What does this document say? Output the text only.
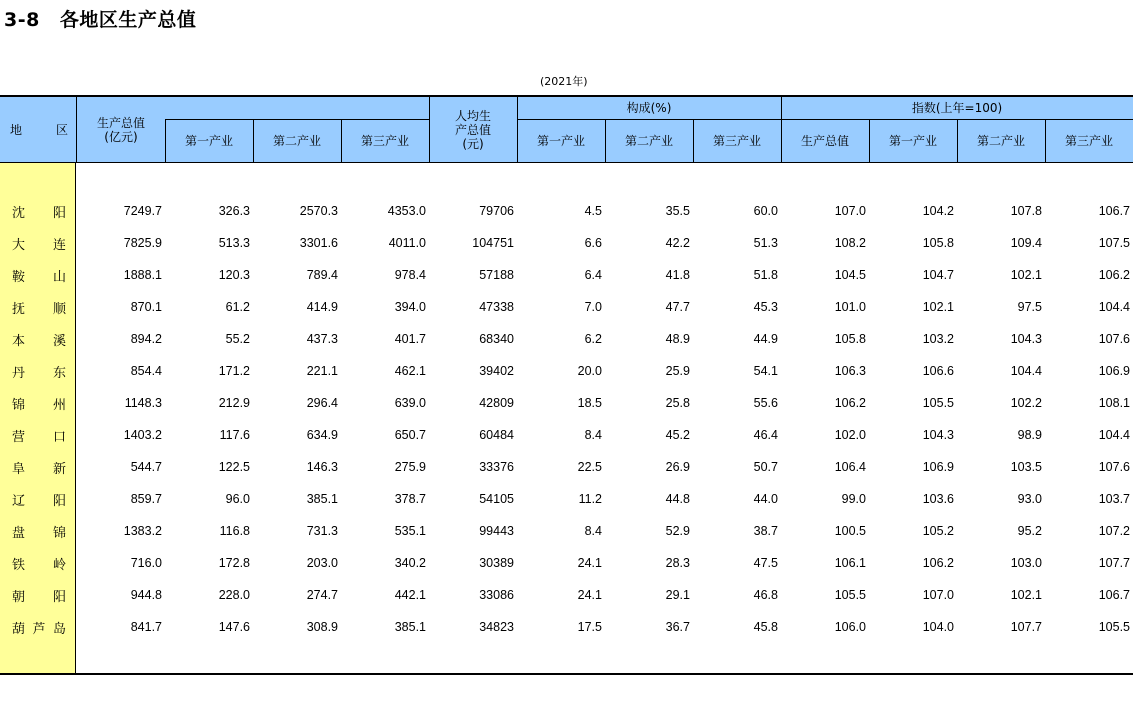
3-8 各地区生产总值
(2021年)
地	区	生产总值
(亿元)	第一产业	第二产业	第三产业
人均生产总值
(元)
构成(%)
第一产业	第二产业	第三产业
指数(上年=100)
生产总值	第一产业	第二产业	第三产业
沈 阳	7249.7	326.3	2570.3	4353.0	79706	4.5	35.5	60.0	107.0	104.2	107.8	106.7
大 连	7825.9	513.3	3301.6	4011.0	104751	6.6	42.2	51.3	108.2	105.8	109.4	107.5
鞍 山	1888.1	120.3	789.4	978.4	57188	6.4	41.8	51.8	104.5	104.7	102.1	106.2
抚 顺	870.1	61.2	414.9	394.0	47338	7.0	47.7	45.3	101.0	102.1	97.5	104.4
本 溪	894.2	55.2	437.3	401.7	68340	6.2	48.9	44.9	105.8	103.2	104.3	107.6
丹 东	854.4	171.2	221.1	462.1	39402	20.0	25.9	54.1	106.3	106.6	104.4	106.9
锦 州	1148.3	212.9	296.4	639.0	42809	18.5	25.8	55.6	106.2	105.5	102.2	108.1
营 口	1403.2	117.6	634.9	650.7	60484	8.4	45.2	46.4	102.0	104.3	98.9	104.4
阜 新	544.7	122.5	146.3	275.9	33376	22.5	26.9	50.7	106.4	106.9	103.5	107.6
辽 阳	859.7	96.0	385.1	378.7	54105	11.2	44.8	44.0	99.0	103.6	93.0	103.7
盘 锦	1383.2	116.8	731.3	535.1	99443	8.4	52.9	38.7	100.5	105.2	95.2	107.2
铁 岭	716.0	172.8	203.0	340.2	30389	24.1	28.3	47.5	106.1	106.2	103.0	107.7
朝 阳	944.8	228.0	274.7	442.1	33086	24.1	29.1	46.8	105.5	107.0	102.1	106.7
葫 芦 岛	841.7	147.6	308.9	385.1	34823	17.5	36.7	45.8	106.0	104.0	107.7	105.5
